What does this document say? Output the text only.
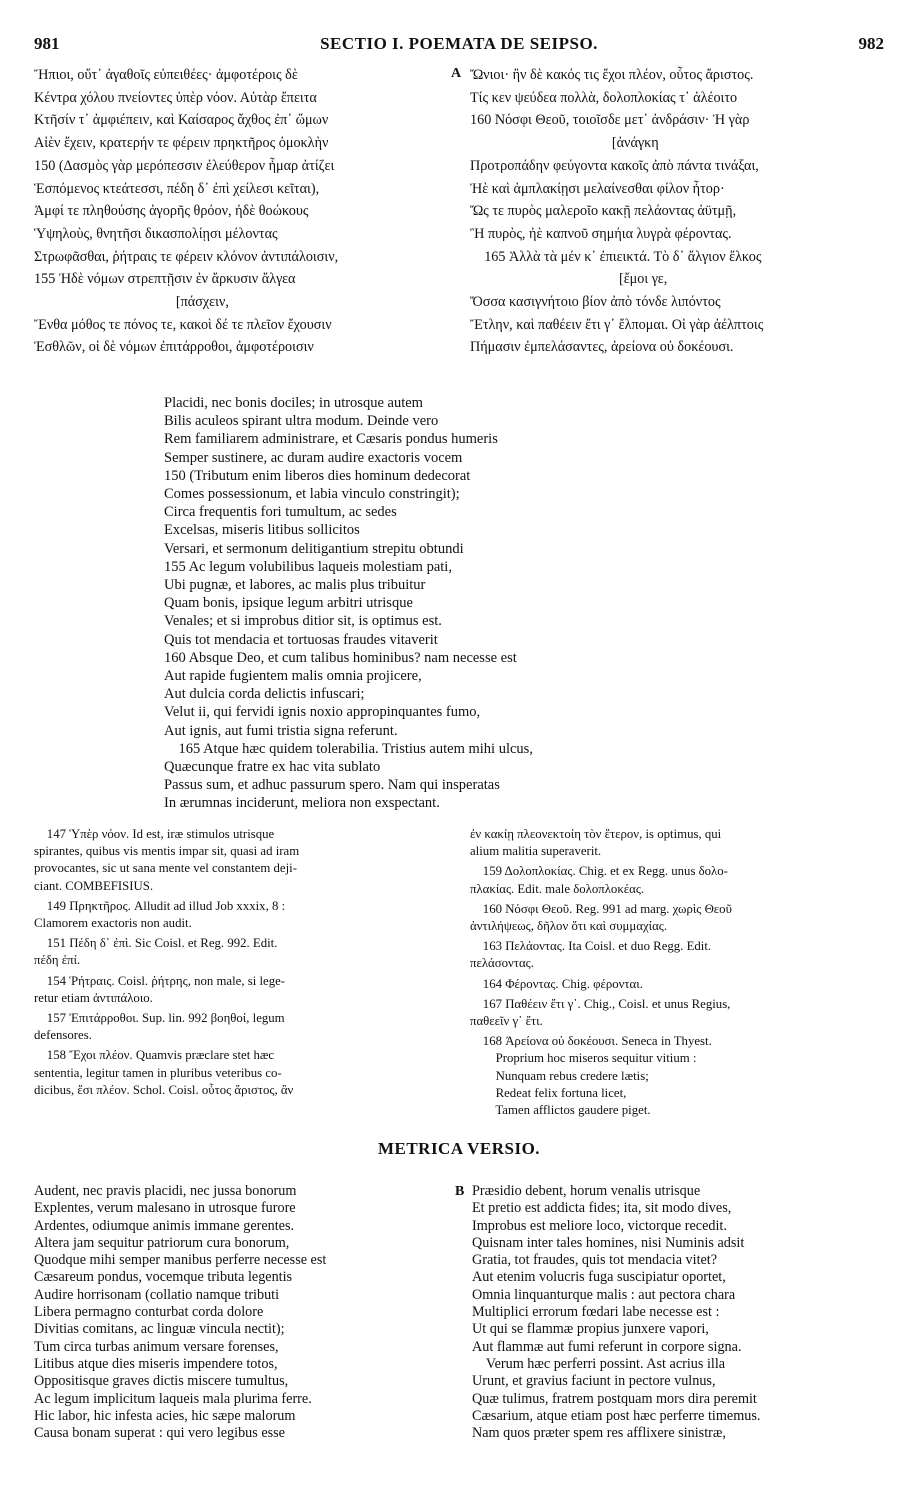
981	SECTIO I. POEMATA DE SEIPSO.	982
A
B
Ἤπιοι, οὔτ᾽ ἀγαθοῖς εὐπειθέες· ἀμφοτέροις δὲ
Κέντρα χόλου πνείοντες ὑπὲρ νόον. Αὐτὰρ ἔπειτα
Κτῆσίν τ᾽ ἀμφιέπειν, καὶ Καίσαρος ἄχθος ἐπ᾽ ὤμων
Αἰὲν ἔχειν, κρατερήν τε φέρειν πρηκτῆρος ὁμοκλὴν
150 (Δασμὸς γὰρ μερόπεσσιν ἐλεύθερον ἦμαρ ἀτίζει
Ἑσπόμενος κτεάτεσσι, πέδη δ᾽ ἐπὶ χείλεσι κεῖται),
Ἀμφί τε πληθούσης ἀγορῆς θρόον, ἠδὲ θοώκους
Ὑψηλοὺς, θνητῆσι δικασπολίῃσι μέλοντας
Στρωφᾶσθαι, ῥήτραις τε φέρειν κλόνον ἀντιπάλοισιν,
155 Ἠδὲ νόμων στρεπτῇσιν ἐν ἄρκυσιν ἄλγεα
[πάσχειν,
Ἔνθα μόθος τε πόνος τε, κακοὶ δέ τε πλεῖον ἔχουσιν
Ἐσθλῶν, οἱ δὲ νόμων ἐπιτάρροθοι, ἀμφοτέροισιν
Ὤνιοι· ἢν δὲ κακός τις ἔχοι πλέον, οὗτος ἄριστος.
Τίς κεν ψεύδεα πολλὰ, δολοπλοκίας τ᾽ ἀλέοιτο
160 Νόσφι Θεοῦ, τοιοῖσδε μετ᾽ ἀνδράσιν· Ἠ γὰρ
[ἀνάγκη
Προτροπάδην φεύγοντα κακοῖς ἀπὸ πάντα τινάξαι,
Ἠὲ καὶ ἀμπλακίῃσι μελαίνεσθαι φίλον ἦτορ·
Ὥς τε πυρὸς μαλεροῖο κακῇ πελάοντας ἀϋτμῇ,
Ἢ πυρὸς, ἠὲ καπνοῦ σημήια λυγρὰ φέροντας.
165 Ἀλλὰ τὰ μέν κ᾽ ἐπιεικτά. Τὸ δ᾽ ἄλγιον ἕλκος
[ἔμοι γε,
Ὅσσα κασιγνήτοιο βίον ἀπὸ τόνδε λιπόντος
Ἔτλην, καὶ παθέειν ἔτι γ᾽ ἔλπομαι. Οἱ γὰρ ἀέλπτοις
Πήμασιν ἐμπελάσαντες, ἀρείονα οὐ δοκέουσι.
Placidi, nec bonis dociles; in utrosque autem
Bilis aculeos spirant ultra modum. Deinde vero
Rem familiarem administrare, et Cæsaris pondus humeris
Semper sustinere, ac duram audire exactoris vocem
150 (Tributum enim liberos dies hominum dedecorat
Comes possessionum, et labia vinculo constringit);
Circa frequentis fori tumultum, ac sedes
Excelsas, miseris litibus sollicitos
Versari, et sermonum delitigantium strepitu obtundi
155 Ac legum volubilibus laqueis molestiam pati,
Ubi pugnæ, et labores, ac malis plus tribuitur
Quam bonis, ipsique legum arbitri utrisque
Venales; et si improbus ditior sit, is optimus est.
Quis tot mendacia et tortuosas fraudes vitaverit
160 Absque Deo, et cum talibus hominibus? nam necesse est
Aut rapide fugientem malis omnia projicere,
Aut dulcia corda delictis infuscari;
Velut ii, qui fervidi ignis noxio appropinquantes fumo,
Aut ignis, aut fumi tristia signa referunt.
165 Atque hæc quidem tolerabilia. Tristius autem mihi ulcus,
Quæcunque fratre ex hac vita sublato
Passus sum, et adhuc passurum spero. Nam qui insperatas
In ærumnas inciderunt, meliora non exspectant.
147 Ὑπὲρ νόον. Id est, iræ stimulos utrisque
spirantes, quibus vis mentis impar sit, quasi ad iram
provocantes, sic ut sana mente vel constantem deji-
ciant. COMBEFISIUS.
149 Πρηκτῆρος. Alludit ad illud Job xxxix, 8 :
Clamorem exactoris non audit.
151 Πέδη δ᾽ ἐπὶ. Sic Coisl. et Reg. 992. Edit.
πέδη ἐπί.
154 Ῥήτραις. Coisl. ῥήτρης, non male, si lege-
retur etiam ἀντιπάλοιο.
157 Ἐπιτάρροθοι. Sup. lin. 992 βοηθοί, legum
defensores.
158 Ἔχοι πλέον. Quamvis præclare stet hæc
sententia, legitur tamen in pluribus veteribus co-
dicibus, ἔσι πλέον. Schol. Coisl. οὗτος ἄριστος, ἂν
ἐν κακίῃ πλεονεκτοίη τὸν ἕτερον, is optimus, qui
alium malitia superaverit.
159 Δολοπλοκίας. Chig. et ex Regg. unus δολο-
πλακίας. Edit. male δολοπλοκέας.
160 Νόσφι Θεοῦ. Reg. 991 ad marg. χωρὶς Θεοῦ
ἀντιλήψεως, δῆλον ὅτι καὶ συμμαχίας.
163 Πελάοντας. Ita Coisl. et duo Regg. Edit.
πελάσοντας.
164 Φέροντας. Chig. φέρονται.
167 Παθέειν ἔτι γ᾽. Chig., Coisl. et unus Regius,
παθεεῖν γ᾽ ἔτι.
168 Ἀρείονα οὐ δοκέουσι. Seneca in Thyest.
Proprium hoc miseros sequitur vitium :
Nunquam rebus credere lætis;
Redeat felix fortuna licet,
Tamen afflictos gaudere piget.
METRICA VERSIO.
Audent, nec pravis placidi, nec jussa bonorum
Explentes, verum malesano in utrosque furore
Ardentes, odiumque animis immane gerentes.
Altera jam sequitur patriorum cura bonorum,
Quodque mihi semper manibus perferre necesse est
Cæsareum pondus, vocemque tributa legentis
Audire horrisonam (collatio namque tributi
Libera permagno conturbat corda dolore
Divitias comitans, ac linguæ vincula nectit);
Tum circa turbas animum versare forenses,
Litibus atque dies miseris impendere totos,
Oppositisque graves dictis miscere tumultus,
Ac legum implicitum laqueis mala plurima ferre.
Hic labor, hic infesta acies, hic sæpe malorum
Causa bonam superat : qui vero legibus esse
Præsidio debent, horum venalis utrisque
Et pretio est addicta fides; ita, sit modo dives,
Improbus est meliore loco, victorque recedit.
Quisnam inter tales homines, nisi Numinis adsit
Gratia, tot fraudes, quis tot mendacia vitet?
Aut etenim volucris fuga suscipiatur oportet,
Omnia linquanturque malis : aut pectora chara
Multiplici errorum fœdari labe necesse est :
Ut qui se flammæ propius junxere vapori,
Aut flammæ aut fumi referunt in corpore signa.
Verum hæc perferri possint. Ast acrius illa
Urunt, et gravius faciunt in pectore vulnus,
Quæ tulimus, fratrem postquam mors dira peremit
Cæsarium, atque etiam post hæc perferre timemus.
Nam quos præter spem res afflixere sinistræ,
